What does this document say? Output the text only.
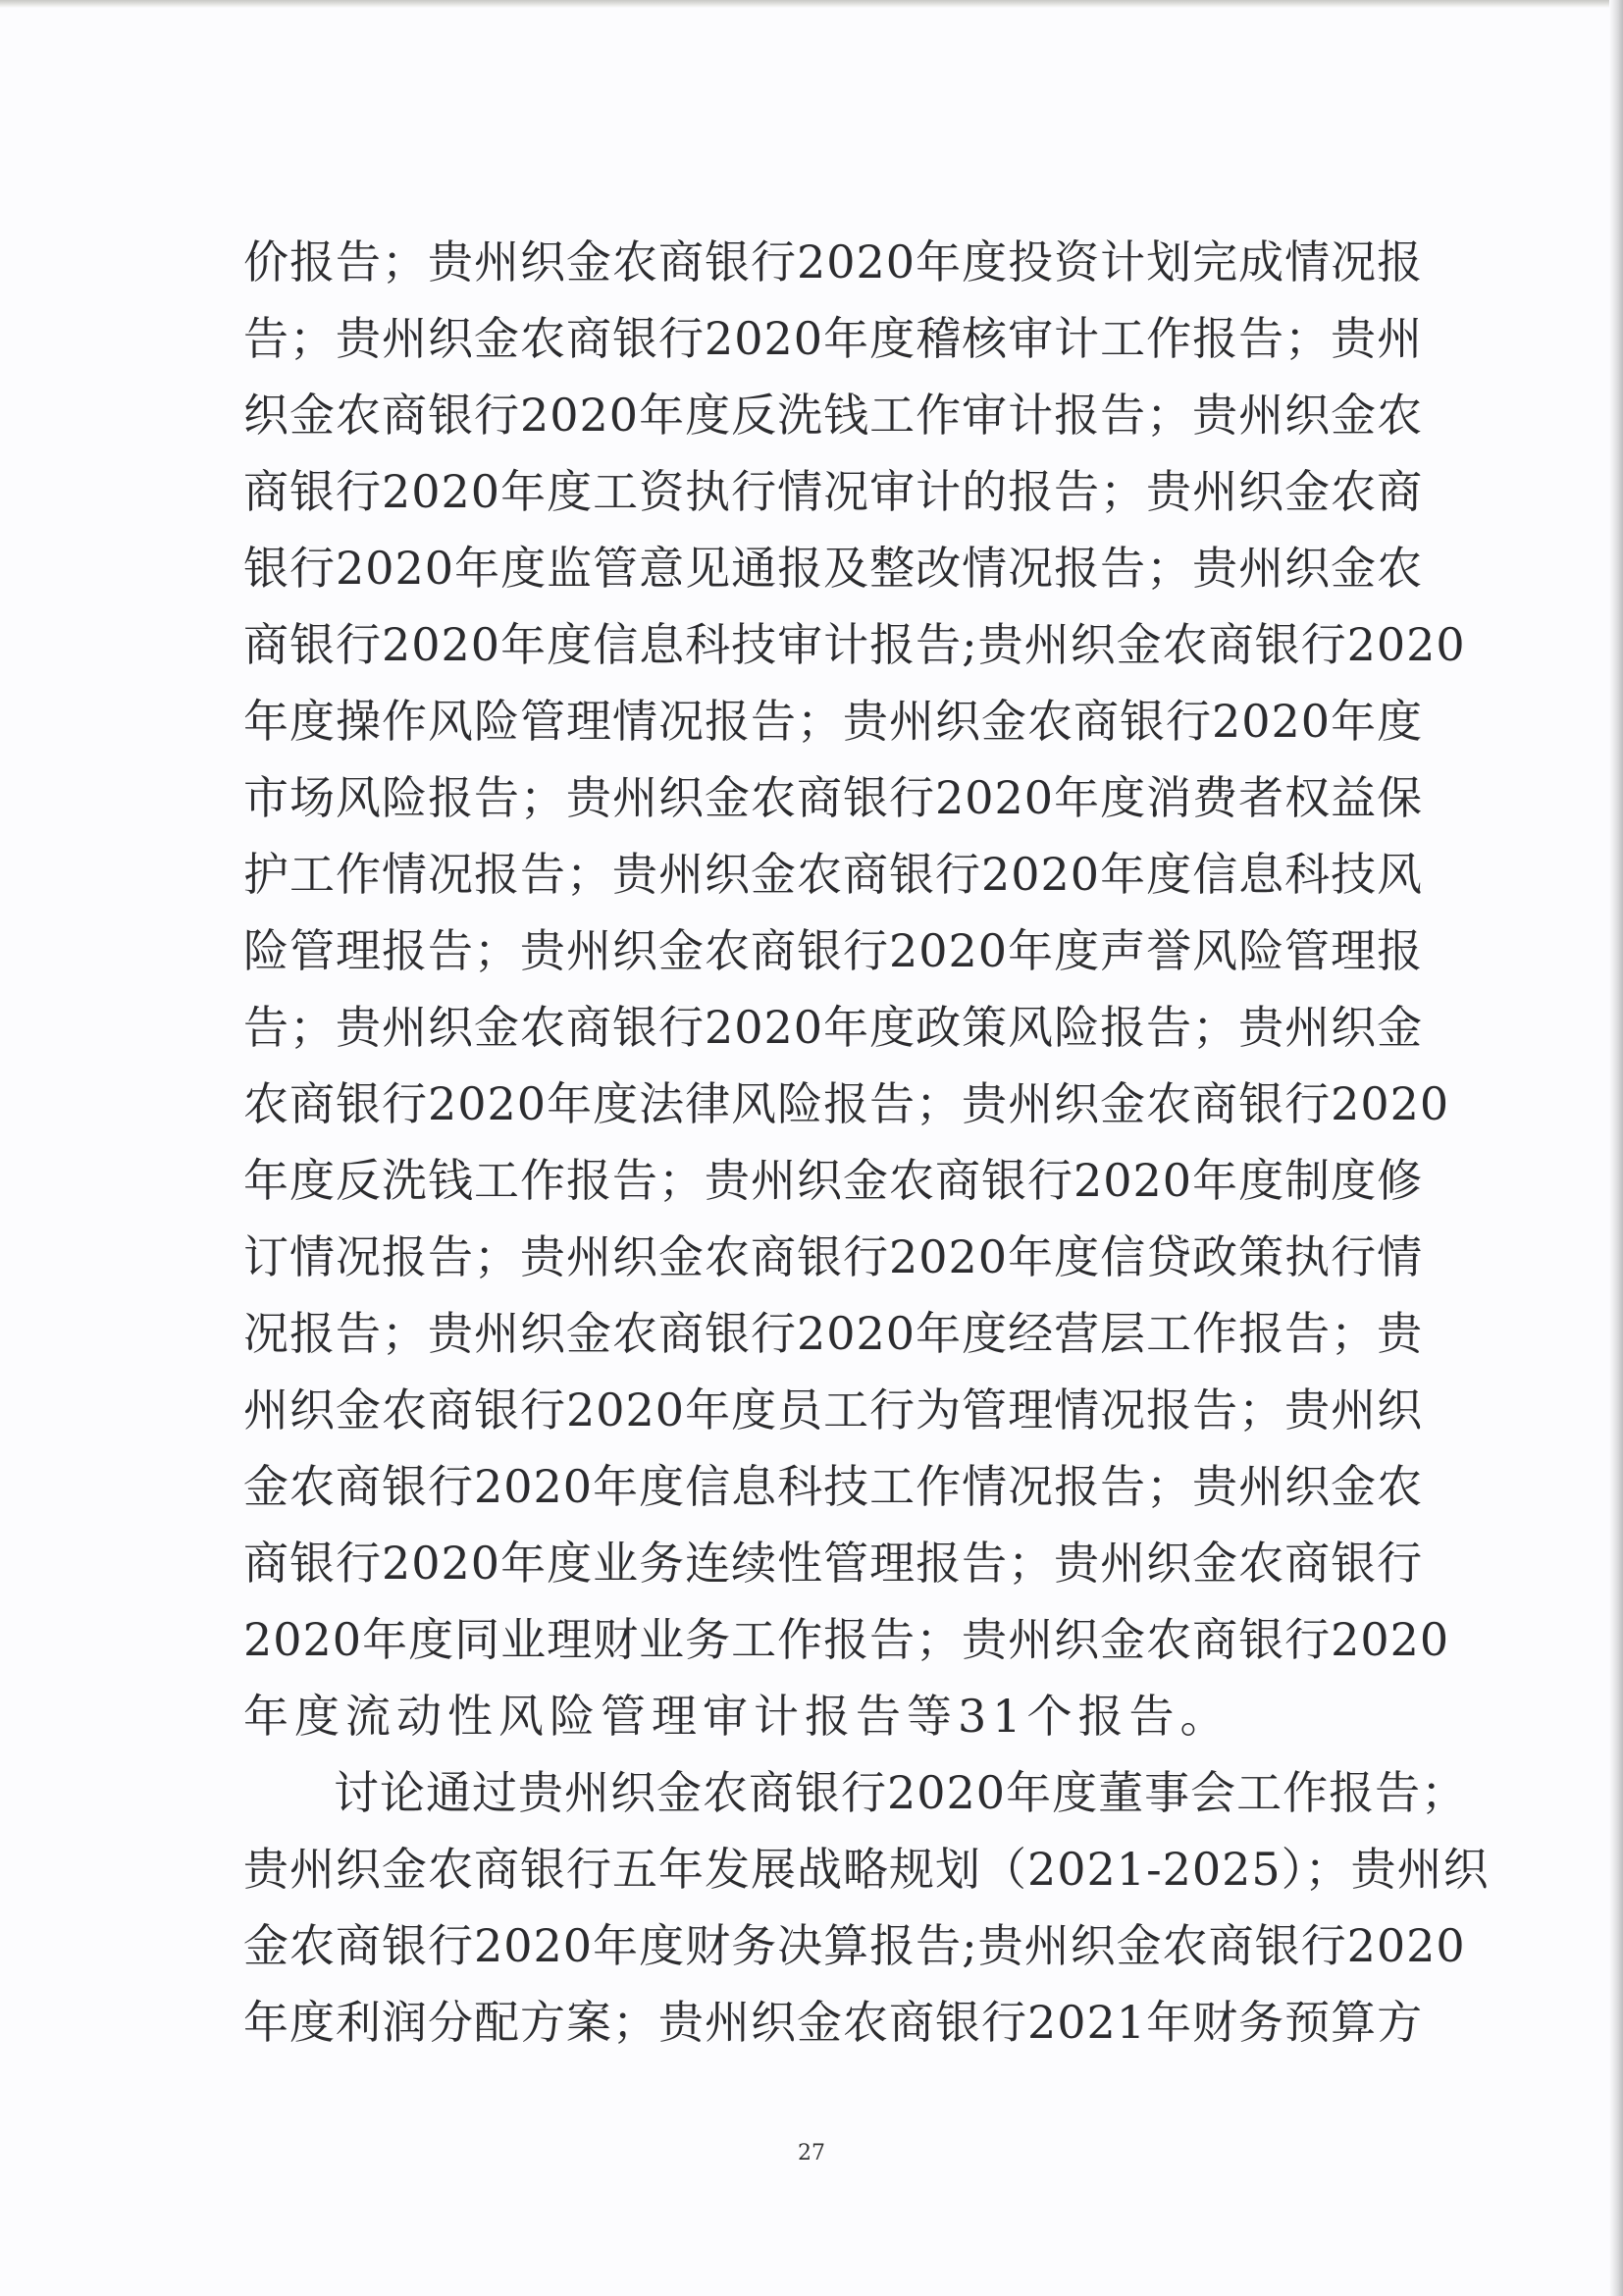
价报告；贵州织金农商银行2020年度投资计划完成情况报
告；贵州织金农商银行2020年度稽核审计工作报告；贵州
织金农商银行2020年度反洗钱工作审计报告；贵州织金农
商银行2020年度工资执行情况审计的报告；贵州织金农商
银行2020年度监管意见通报及整改情况报告；贵州织金农
商银行2020年度信息科技审计报告;贵州织金农商银行2020
年度操作风险管理情况报告；贵州织金农商银行2020年度
市场风险报告；贵州织金农商银行2020年度消费者权益保
护工作情况报告；贵州织金农商银行2020年度信息科技风
险管理报告；贵州织金农商银行2020年度声誉风险管理报
告；贵州织金农商银行2020年度政策风险报告；贵州织金
农商银行2020年度法律风险报告；贵州织金农商银行2020
年度反洗钱工作报告；贵州织金农商银行2020年度制度修
订情况报告；贵州织金农商银行2020年度信贷政策执行情
况报告；贵州织金农商银行2020年度经营层工作报告；贵
州织金农商银行2020年度员工行为管理情况报告；贵州织
金农商银行2020年度信息科技工作情况报告；贵州织金农
商银行2020年度业务连续性管理报告；贵州织金农商银行
2020年度同业理财业务工作报告；贵州织金农商银行2020
年度流动性风险管理审计报告等31个报告。
讨论通过贵州织金农商银行2020年度董事会工作报告；
贵州织金农商银行五年发展战略规划（2021-2025）；贵州织
金农商银行2020年度财务决算报告;贵州织金农商银行2020
年度利润分配方案；贵州织金农商银行2021年财务预算方
27
